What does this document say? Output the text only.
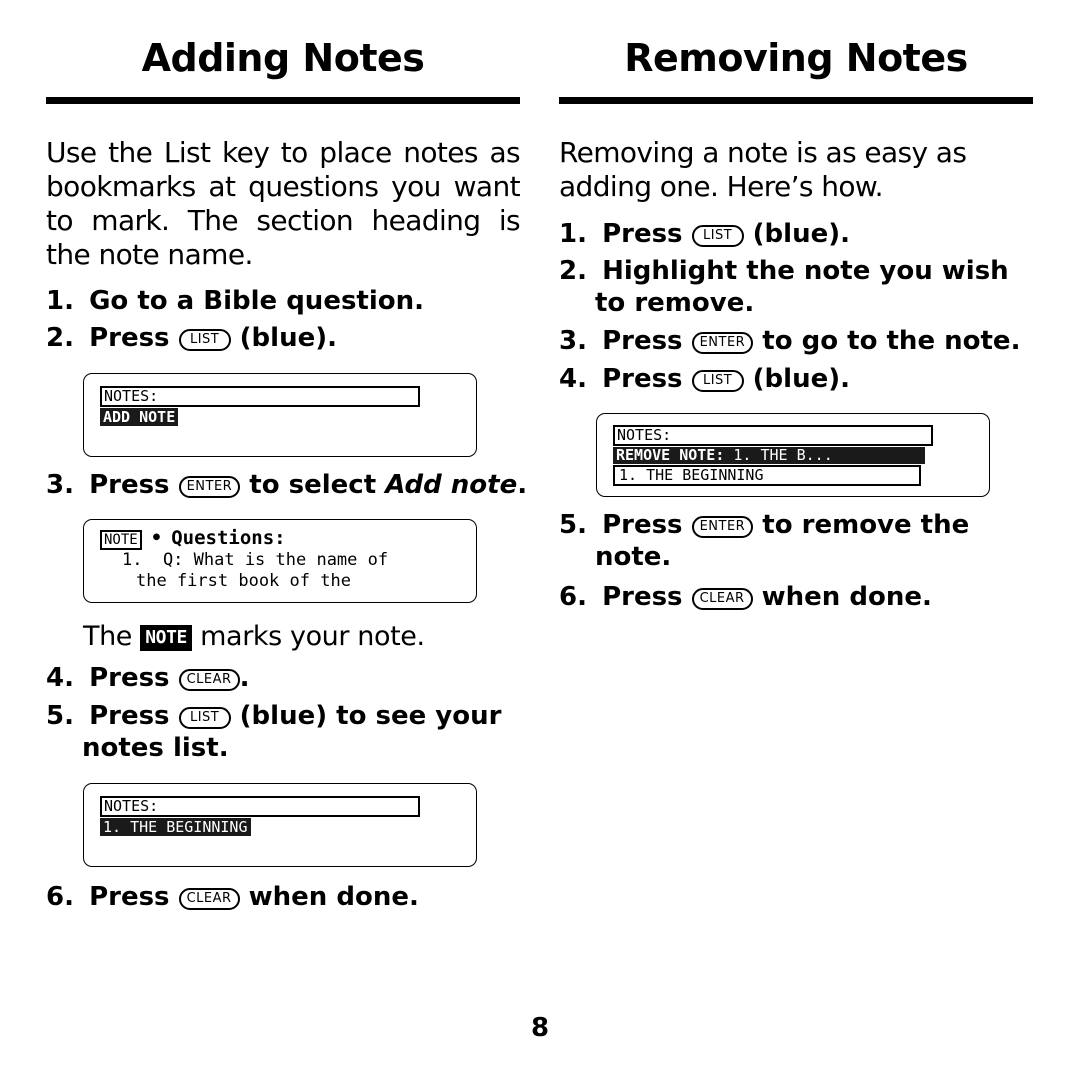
Adding Notes

Use the List key to place notes as bookmarks at questions you want to mark. The section heading is the note name.

1. Go to a Bible question.
2. Press LIST (blue).
NOTES:
ADD NOTE
3. Press ENTER to select Add note.
NOTE • Questions:
1.  Q: What is the name of
the first book of the
The NOTE marks your note.
4. Press CLEAR .
5. Press LIST (blue) to see your
notes list.
NOTES:
1. THE BEGINNING
6. Press CLEAR when done.
Removing Notes

Removing a note is as easy as adding one. Here’s how.

1. Press LIST (blue).
2. Highlight the note you wish
to remove.
3. Press ENTER to go to the note.
4. Press LIST (blue).
NOTES:
REMOVE NOTE: 1. THE B...
1. THE BEGINNING
5. Press ENTER to remove the
note.
6. Press CLEAR when done.
8
